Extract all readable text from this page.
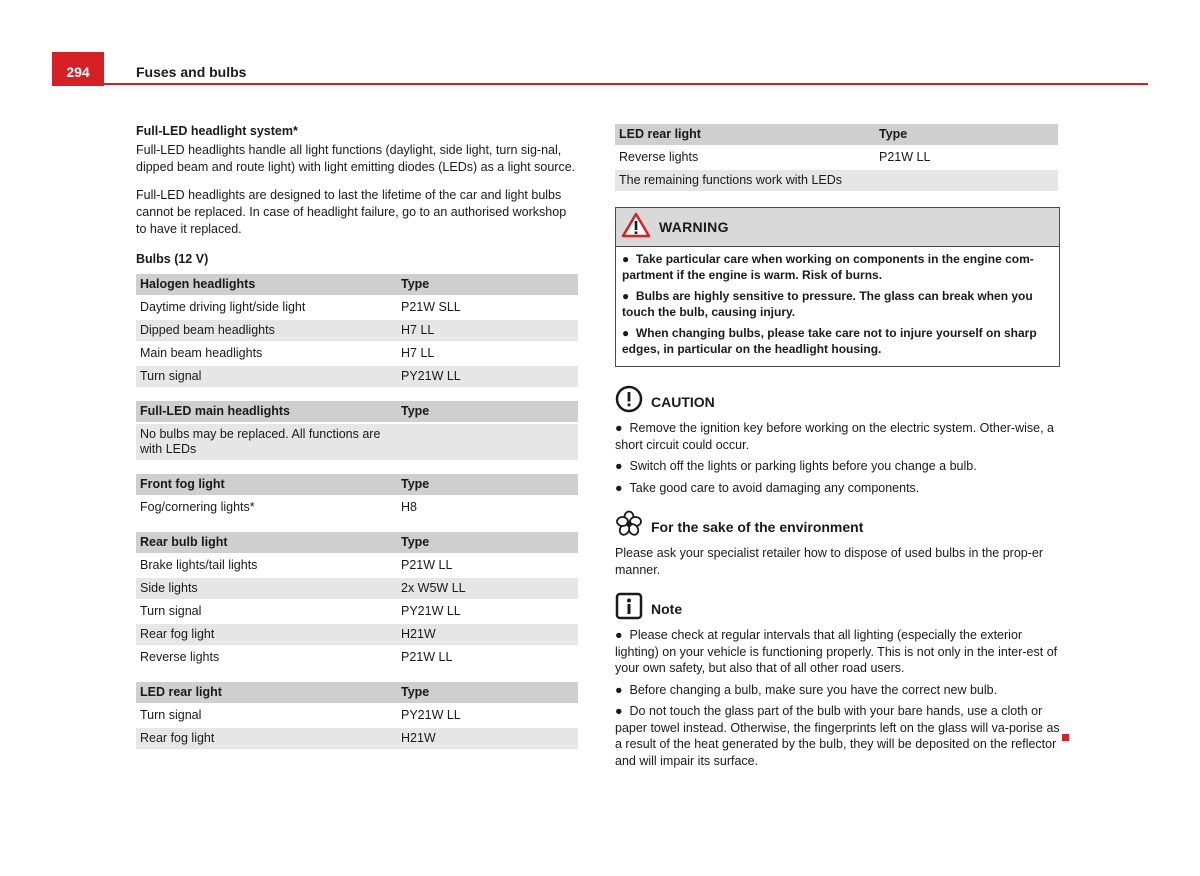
294	Fuses and bulbs
Full-LED headlight system*

Full-LED headlights handle all light functions (daylight, side light, turn sig-nal, dipped beam and route light) with light emitting diodes (LEDs) as a light source.

Full-LED headlights are designed to last the lifetime of the car and light bulbs cannot be replaced. In case of headlight failure, go to an authorised workshop to have it replaced.

Bulbs (12 V)
Halogen headlights	Type
Daytime driving light/side light	P21W SLL
Dipped beam headlights	H7 LL
Main beam headlights	H7 LL
Turn signal	PY21W LL
Full-LED main headlights	Type
No bulbs may be replaced. All functions are with LEDs	
Front fog light	Type
Fog/cornering lights*	H8
Rear bulb light	Type
Brake lights/tail lights	P21W LL
Side lights	2x W5W LL
Turn signal	PY21W LL
Rear fog light	H21W
Reverse lights	P21W LL
LED rear light	Type
Turn signal	PY21W LL
Rear fog light	H21W
LED rear light	Type
Reverse lights	P21W LL
The remaining functions work with LEDs	
WARNING

●  Take particular care when working on components in the engine com-partment if the engine is warm. Risk of burns.

●  Bulbs are highly sensitive to pressure. The glass can break when you touch the bulb, causing injury.

●  When changing bulbs, please take care not to injure yourself on sharp edges, in particular on the headlight housing.

CAUTION
●  Remove the ignition key before working on the electric system. Other-wise, a short circuit could occur.
●  Switch off the lights or parking lights before you change a bulb.
●  Take good care to avoid damaging any components.
For the sake of the environment
Please ask your specialist retailer how to dispose of used bulbs in the prop-er manner.
Note
●  Please check at regular intervals that all lighting (especially the exterior lighting) on your vehicle is functioning properly. This is not only in the inter-est of your own safety, but also that of all other road users.
●  Before changing a bulb, make sure you have the correct new bulb.
●  Do not touch the glass part of the bulb with your bare hands, use a cloth or paper towel instead. Otherwise, the fingerprints left on the glass will va-porise as a result of the heat generated by the bulb, they will be deposited on the reflector and will impair its surface.
